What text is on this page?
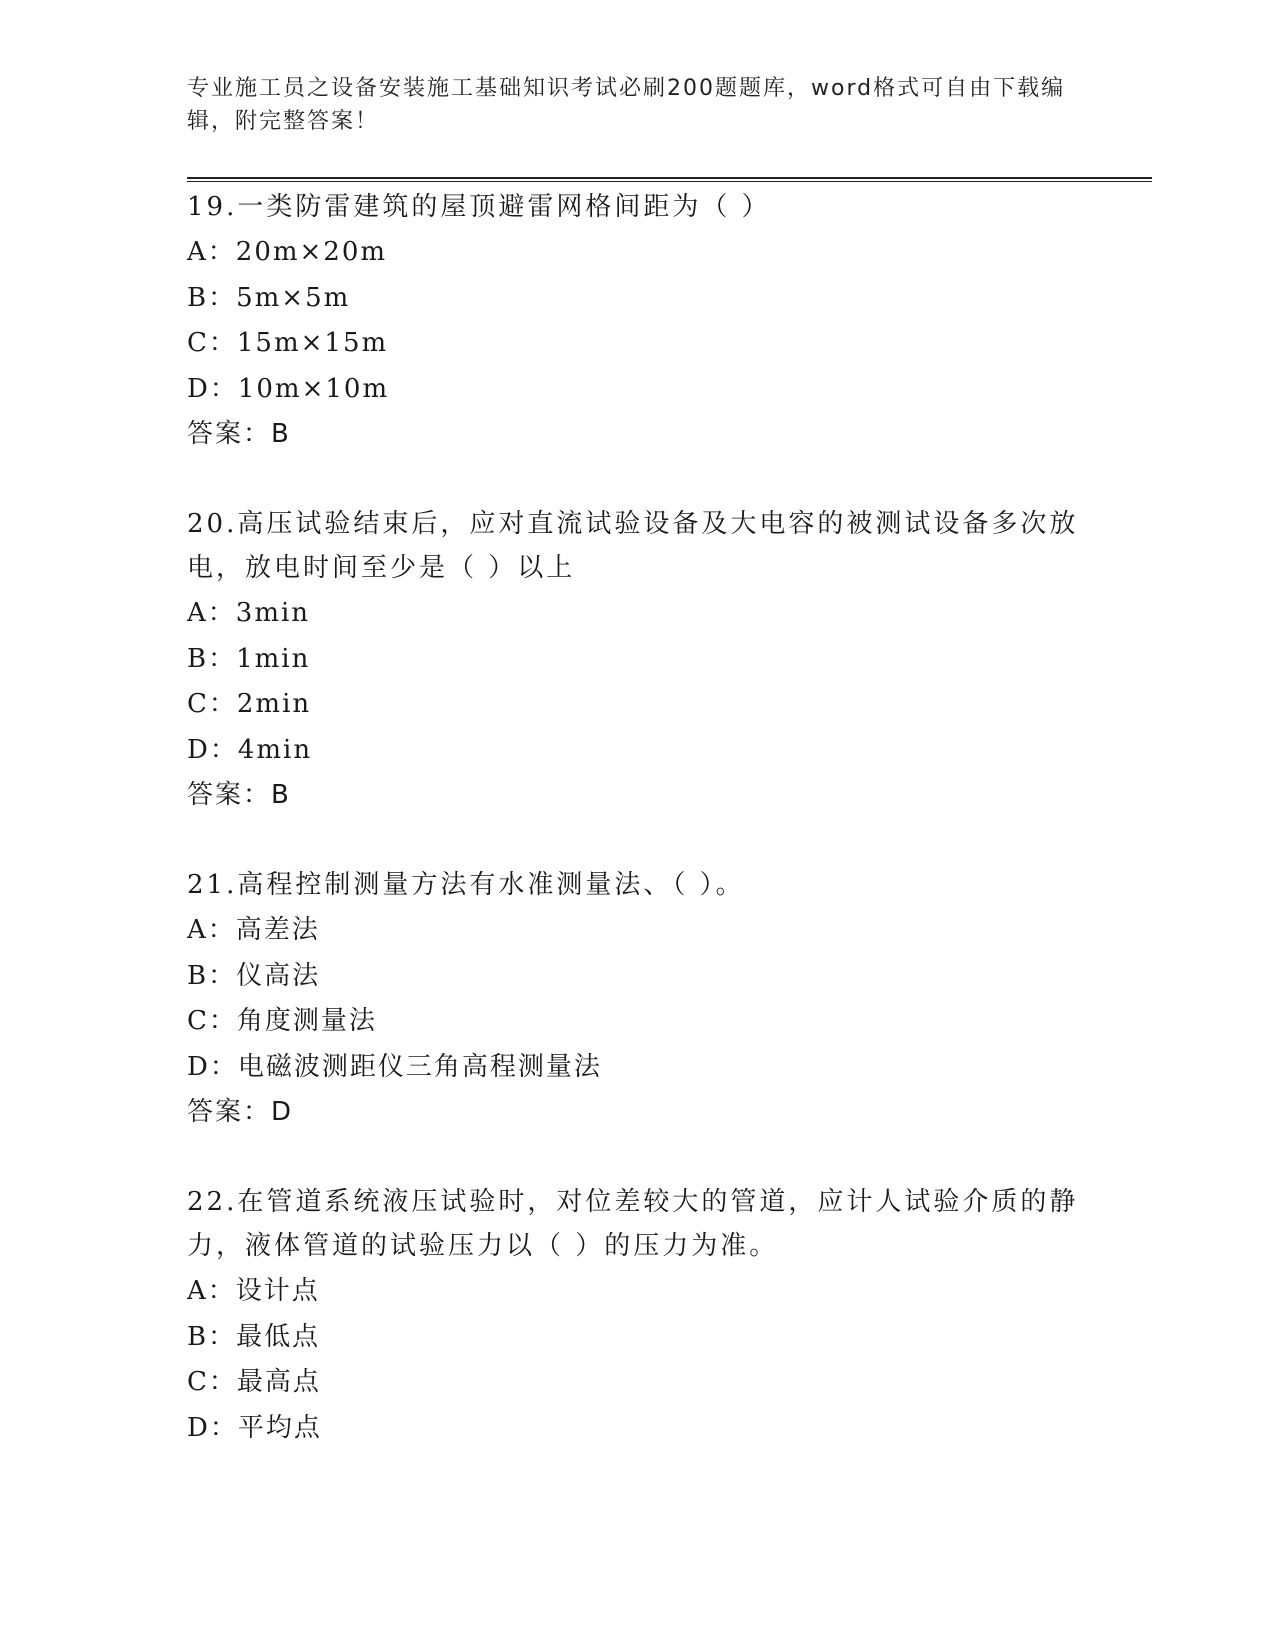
专业施工员之设备安装施工基础知识考试必刷200题题库，word格式可自由下载编辑，附完整答案！
19.一类防雷建筑的屋顶避雷网格间距为（ ）
A：20m×20m
B：5m×5m
C：15m×15m
D：10m×10m
答案：B
20.高压试验结束后，应对直流试验设备及大电容的被测试设备多次放电，放电时间至少是（ ）以上
A：3min
B：1min
C：2min
D：4min
答案：B
21.高程控制测量方法有水准测量法、（ ）。
A：高差法
B：仪高法
C：角度测量法
D：电磁波测距仪三角高程测量法
答案：D
22.在管道系统液压试验时，对位差较大的管道，应计人试验介质的静力，液体管道的试验压力以（ ）的压力为准。
A：设计点
B：最低点
C：最高点
D：平均点
